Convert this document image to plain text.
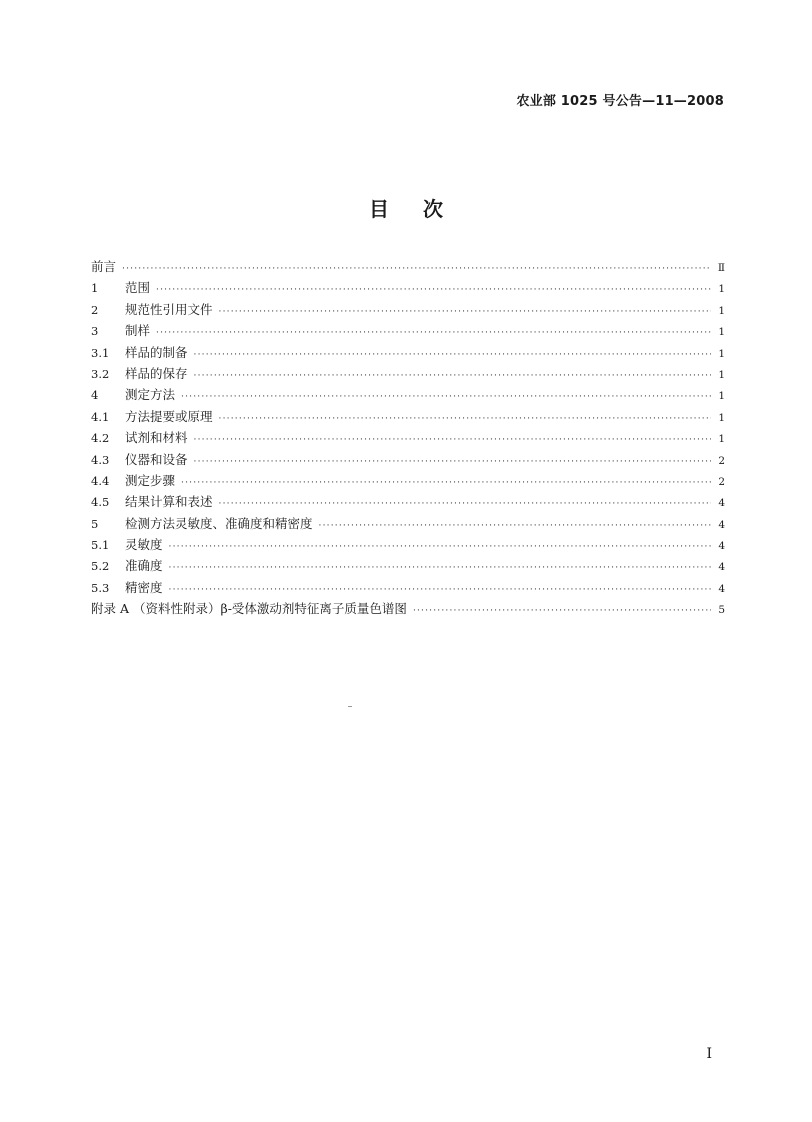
农业部 1025 号公告—11—2008
目次
前言 ·····	Ⅱ
1	范围 ·····	1
2	规范性引用文件 ·····	1
3	制样 ·····	1
3.1	样品的制备 ·····	1
3.2	样品的保存 ·····	1
4	测定方法 ·····	1
4.1	方法提要或原理 ·····	1
4.2	试剂和材料 ·····	1
4.3	仪器和设备 ·····	2
4.4	测定步骤 ·····	2
4.5	结果计算和表述 ·····	4
5	检测方法灵敏度、准确度和精密度 ·····	4
5.1	灵敏度 ·····	4
5.2	准确度 ·····	4
5.3	精密度 ·····	4
附录 A （资料性附录）β-受体激动剂特征离子质量色谱图 ·····	5
I
